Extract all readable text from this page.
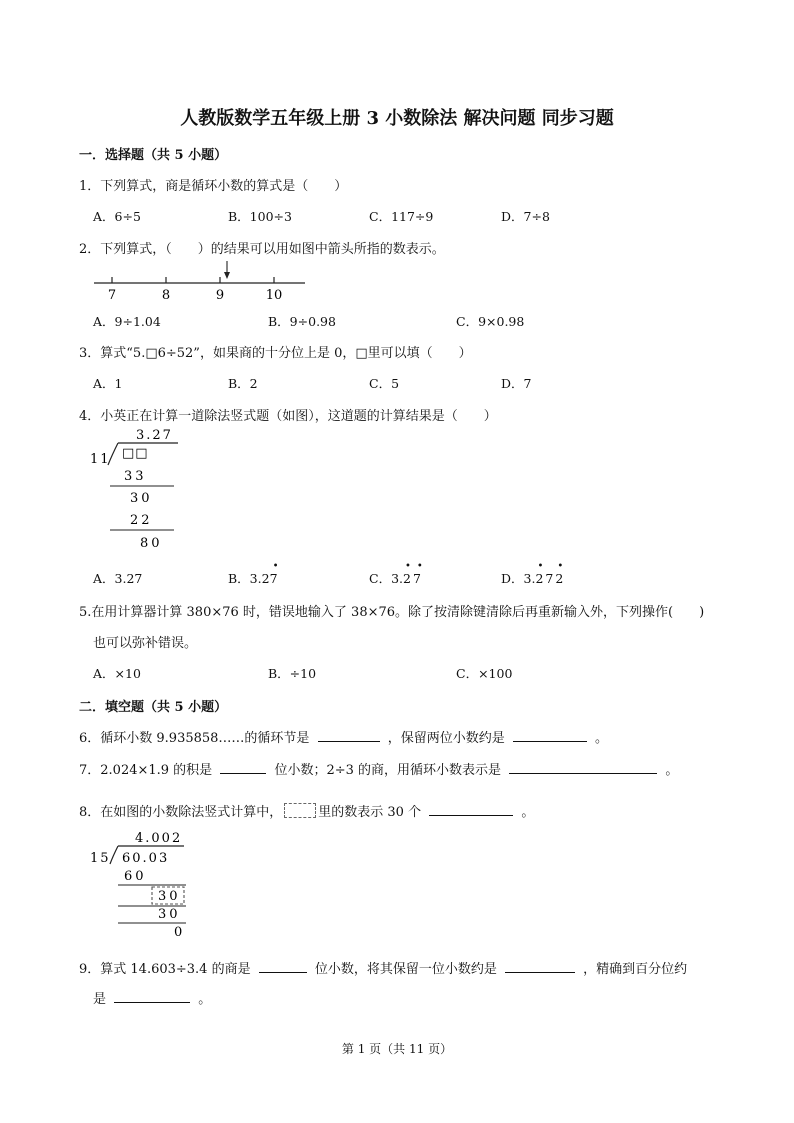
人教版数学五年级上册 3 小数除法 解决问题 同步习题
一．选择题（共 5 小题）
1．下列算式，商是循环小数的算式是（　　）
A．6÷5	B．100÷3	C．117÷9	D．7÷8
2．下列算式，（　　）的结果可以用如图中箭头所指的数表示。
7	8	9	10
A．9÷1.04	B．9÷0.98	C．9×0.98
3．算式“5.□6÷52”，如果商的十分位上是 0，□里可以填（　　）
A．1	B．2	C．5	D．7
4．小英正在计算一道除法竖式题（如图），这道题的计算结果是（　　）
3.27
11 □□
33
30
22
80
A．3.27	B．3.2
•
7	C．3.
••
27	D．3.
••
272
5.在用计算器计算 380×76 时，错误地输入了 38×76。除了按清除键清除后再重新输入外，下列操作(　　)
也可以弥补错误。
A．×10	B．÷10	C．×100
二．填空题（共 5 小题）
6．循环小数 9.935858……的循环节是	，保留两位小数约是	。
7．2.024×1.9 的积是	位小数；2÷3 的商，用循环小数表示是	。
8．在如图的小数除法竖式计算中，	里的数表示 30 个	。
4.002
15 60.03
60
30
30
0
9．算式 14.603÷3.4 的商是	位小数，将其保留一位小数约是	，精确到百分位约
是	。
第 1 页（共 11 页）
